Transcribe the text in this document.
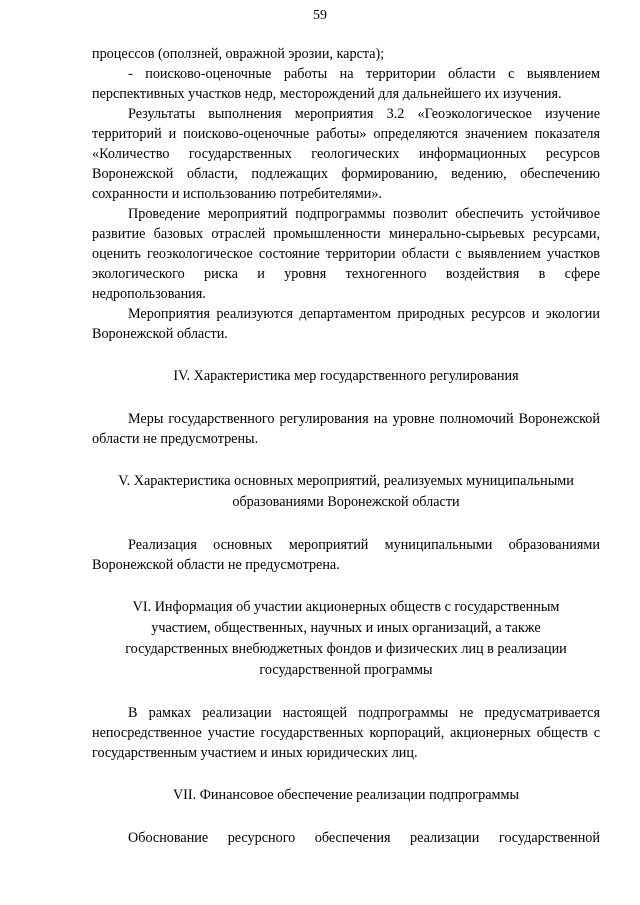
59

процессов (оползней, овражной эрозии, карста);

- поисково-оценочные работы на территории области с выявлением перспективных участков недр, месторождений для дальнейшего их изучения.

Результаты выполнения мероприятия 3.2 «Геоэкологическое изучение территорий и поисково-оценочные работы» определяются значением показателя «Количество государственных геологических информационных ресурсов Воронежской области, подлежащих формированию, ведению, обеспечению сохранности и использованию потребителями».

Проведение мероприятий подпрограммы позволит обеспечить устойчивое развитие базовых отраслей промышленности минерально-сырьевых ресурсами, оценить геоэкологическое состояние территории области с выявлением участков экологического риска и уровня техногенного воздействия в сфере недропользования.

Мероприятия реализуются департаментом природных ресурсов и экологии Воронежской области.

IV. Характеристика мер государственного регулирования

Меры государственного регулирования на уровне полномочий Воронежской области не предусмотрены.

V. Характеристика основных мероприятий, реализуемых муниципальными
образованиями Воронежской области

Реализация основных мероприятий муниципальными образованиями Воронежской области не предусмотрена.

VI. Информация об участии акционерных обществ с государственным
участием, общественных, научных и иных организаций, а также
государственных внебюджетных фондов и физических лиц в реализации
государственной программы

В рамках реализации настоящей подпрограммы не предусматривается непосредственное участие государственных корпораций, акционерных обществ с государственным участием и иных юридических лиц.

VII. Финансовое обеспечение реализации подпрограммы

Обоснование ресурсного обеспечения реализации государственной
